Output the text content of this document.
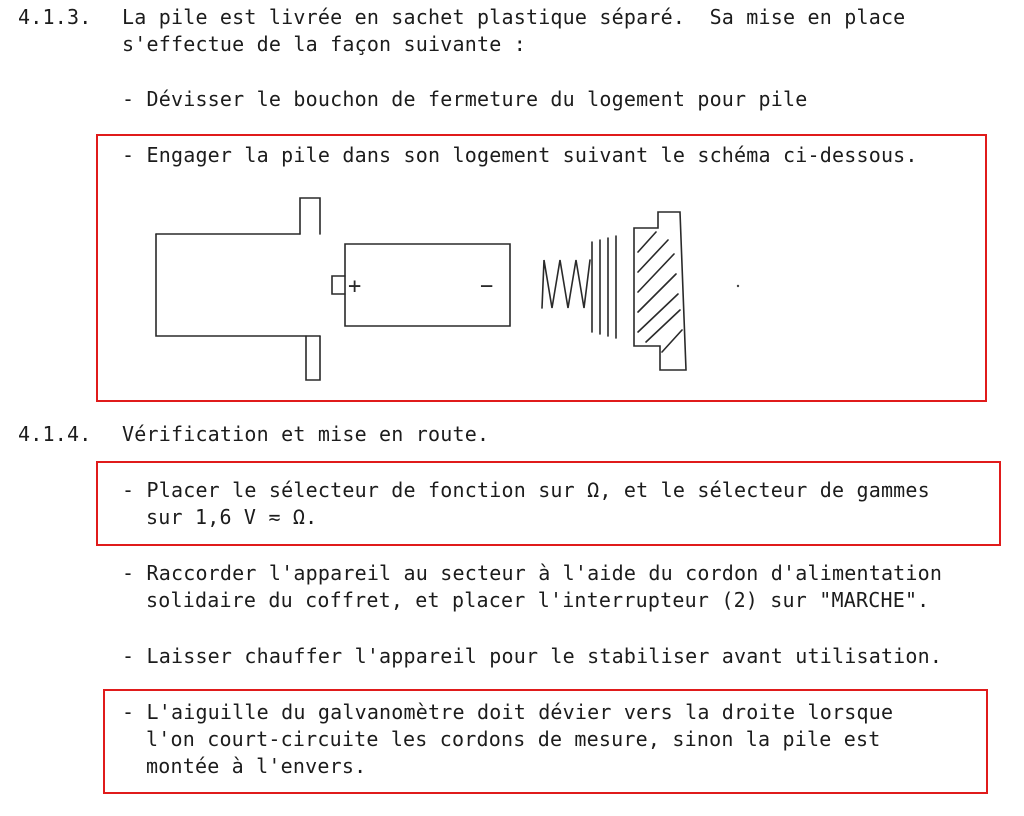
4.1.3. La pile est livrée en sachet plastique séparé.  Sa mise en place
s'effectue de la façon suivante :
- Dévisser le bouchon de fermeture du logement pour pile
- Engager la pile dans son logement suivant le schéma ci-dessous.
+	−
4.1.4. Vérification et mise en route.
- Placer le sélecteur de fonction sur Ω, et le sélecteur de gammes
sur 1,6 V ≂ Ω.
- Raccorder l'appareil au secteur à l'aide du cordon d'alimentation
solidaire du coffret, et placer l'interrupteur (2) sur "MARCHE".
- Laisser chauffer l'appareil pour le stabiliser avant utilisation.
- L'aiguille du galvanomètre doit dévier vers la droite lorsque
l'on court-circuite les cordons de mesure, sinon la pile est
montée à l'envers.
